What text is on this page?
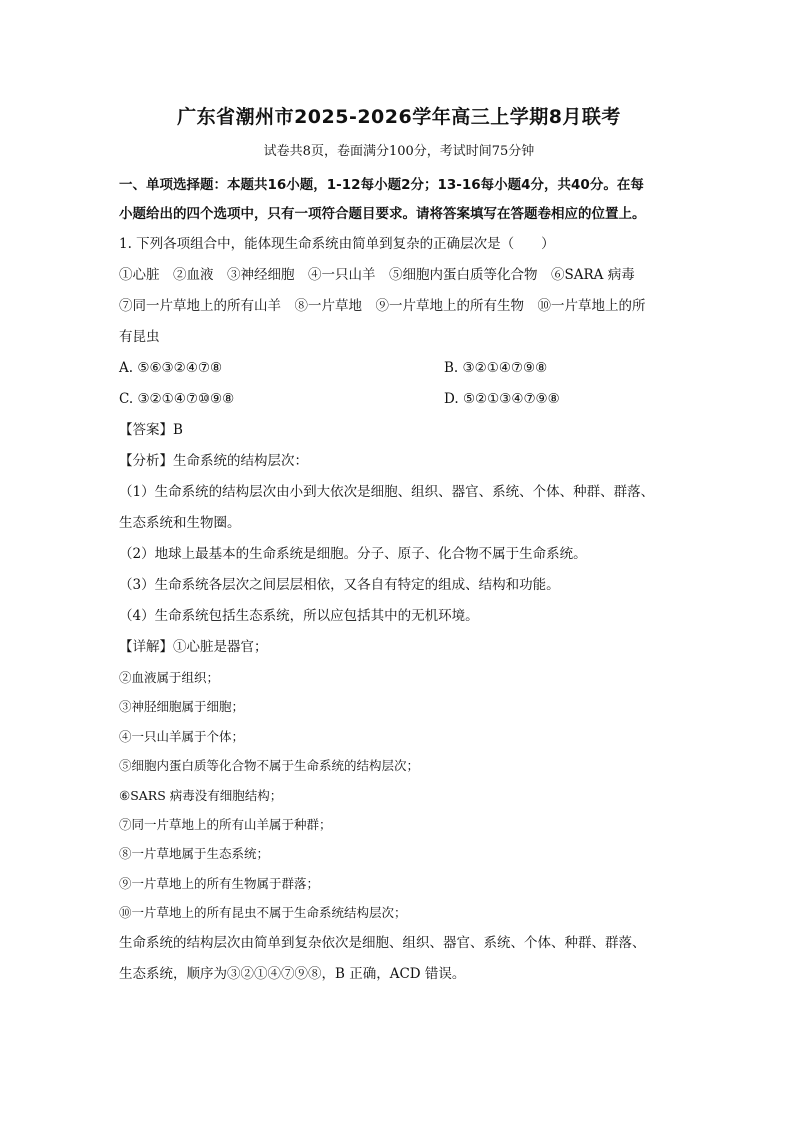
广东省潮州市2025-2026学年高三上学期8月联考
试卷共8页，卷面满分100分，考试时间75分钟
一、单项选择题：本题共16小题，1-12每小题2分；13-16每小题4分，共40分。在每
小题给出的四个选项中，只有一项符合题目要求。请将答案填写在答题卷相应的位置上。
1. 下列各项组合中，能体现生命系统由简单到复杂的正确层次是（　　）
①心脏　②血液　③神经细胞　④一只山羊　⑤细胞内蛋白质等化合物　⑥SARA 病毒
⑦同一片草地上的所有山羊　⑧一片草地　⑨一片草地上的所有生物　⑩一片草地上的所
有昆虫
A. ⑤⑥③②④⑦⑧	B. ③②①④⑦⑨⑧
C. ③②①④⑦⑩⑨⑧	D. ⑤②①③④⑦⑨⑧
【答案】B
【分析】生命系统的结构层次：
（1）生命系统的结构层次由小到大依次是细胞、组织、器官、系统、个体、种群、群落、
生态系统和生物圈。
（2）地球上最基本的生命系统是细胞。分子、原子、化合物不属于生命系统。
（3）生命系统各层次之间层层相依，又各自有特定的组成、结构和功能。
（4）生命系统包括生态系统，所以应包括其中的无机环境。
【详解】①心脏是器官；
②血液属于组织；
③神胫细胞属于细胞；
④一只山羊属于个体；
⑤细胞内蛋白质等化合物不属于生命系统的结构层次；
⑥SARS 病毒没有细胞结构；
⑦同一片草地上的所有山羊属于种群；
⑧一片草地属于生态系统；
⑨一片草地上的所有生物属于群落；
⑩一片草地上的所有昆虫不属于生命系统结构层次；
生命系统的结构层次由简单到复杂依次是细胞、组织、器官、系统、个体、种群、群落、
生态系统，顺序为③②①④⑦⑨⑧，B 正确，ACD 错误。
